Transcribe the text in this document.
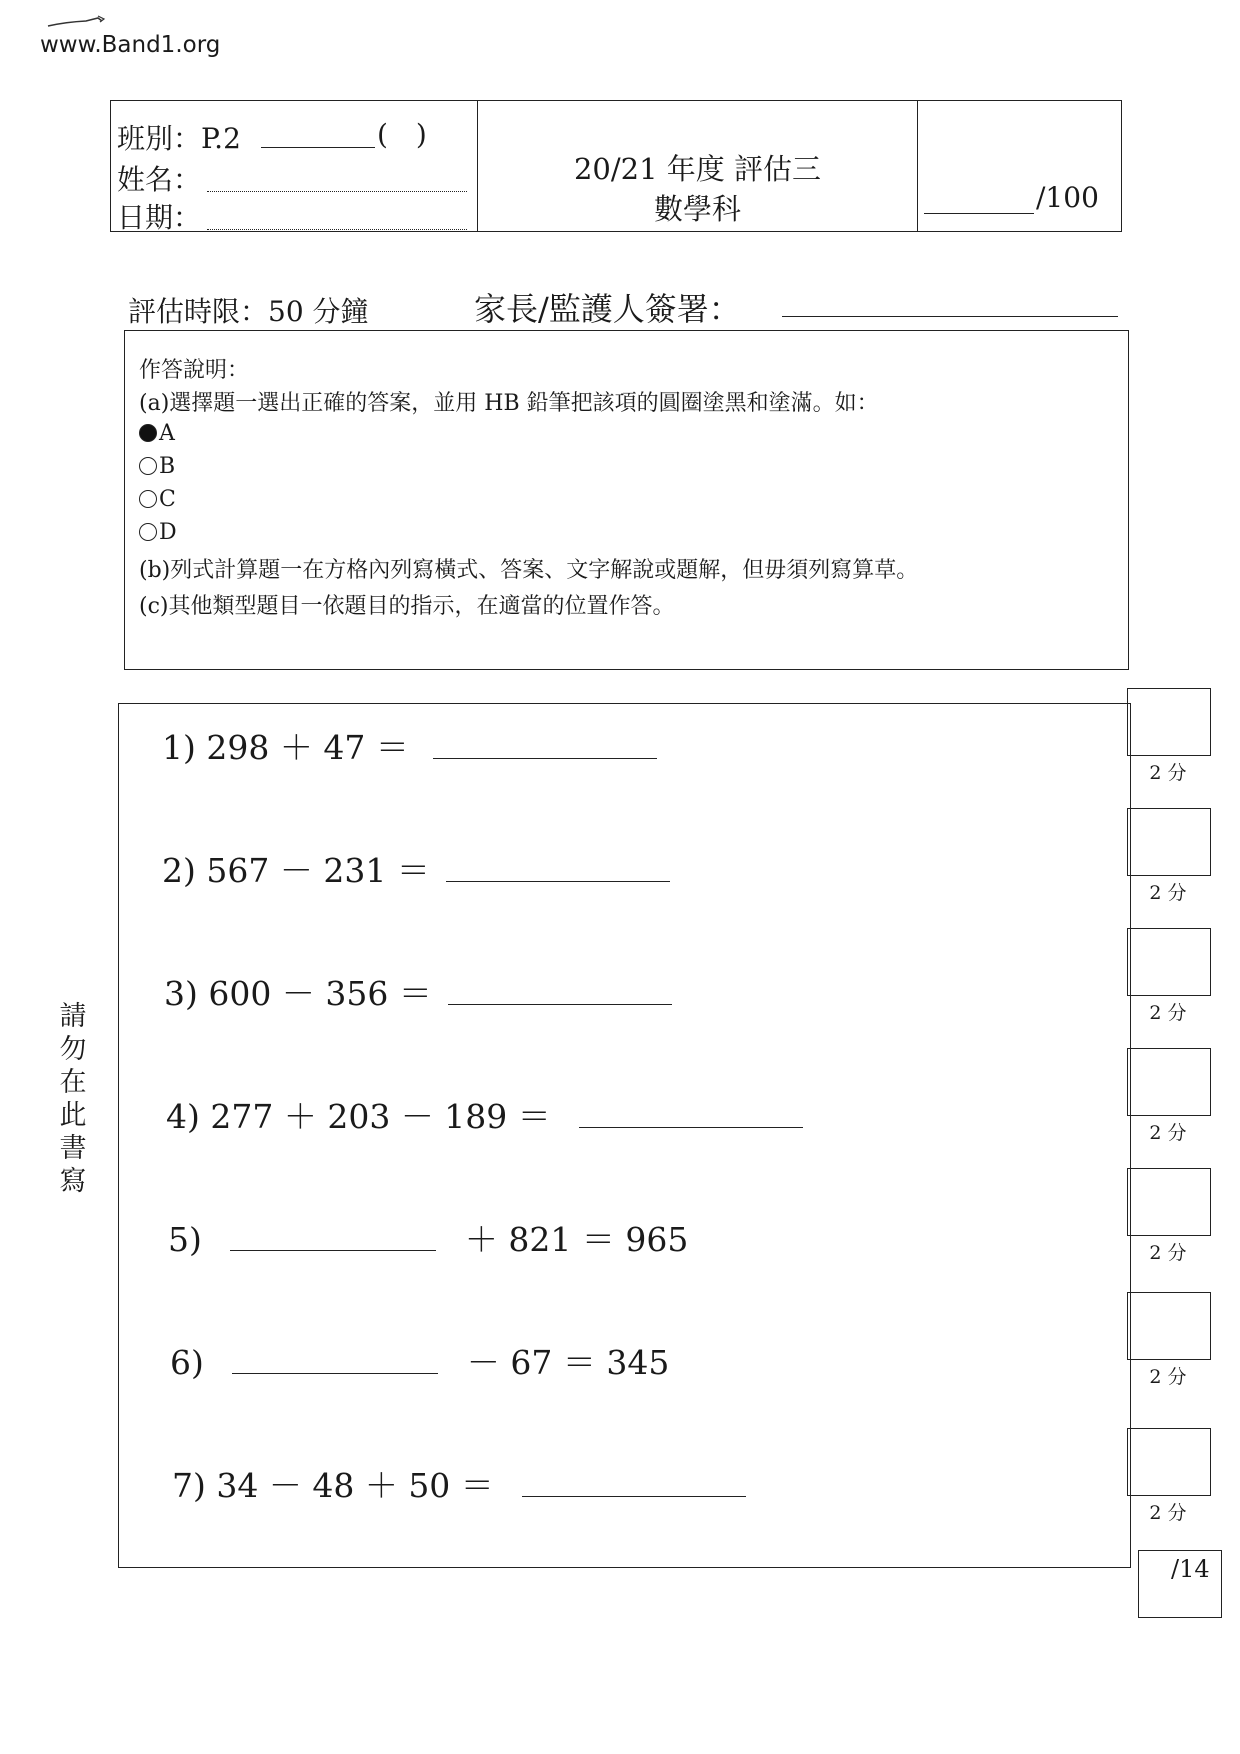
www.Band1.org
班別：P.2	(　)
姓名：
日期：
20/21 年度 評估三
數學科	/100
評估時限：50 分鐘	家長/監護人簽署：
作答說明：
(a)選擇題一選出正確的答案，並用 HB 鉛筆把該項的圓圈塗黑和塗滿。如：
A
B
C
D
(b)列式計算題一在方格內列寫橫式、答案、文字解說或題解，但毋須列寫算草。
(c)其他類型題目一依題目的指示，在適當的位置作答。
1) 298 ＋ 47 ＝
2) 567 － 231 ＝
3) 600 － 356 ＝
4) 277 ＋ 203 － 189 ＝
5)	＋ 821 ＝ 965
6)	－ 67 ＝ 345
7) 34 － 48 ＋ 50 ＝
2 分
2 分
2 分
2 分
2 分
2 分
2 分
/14
請勿在此書寫
